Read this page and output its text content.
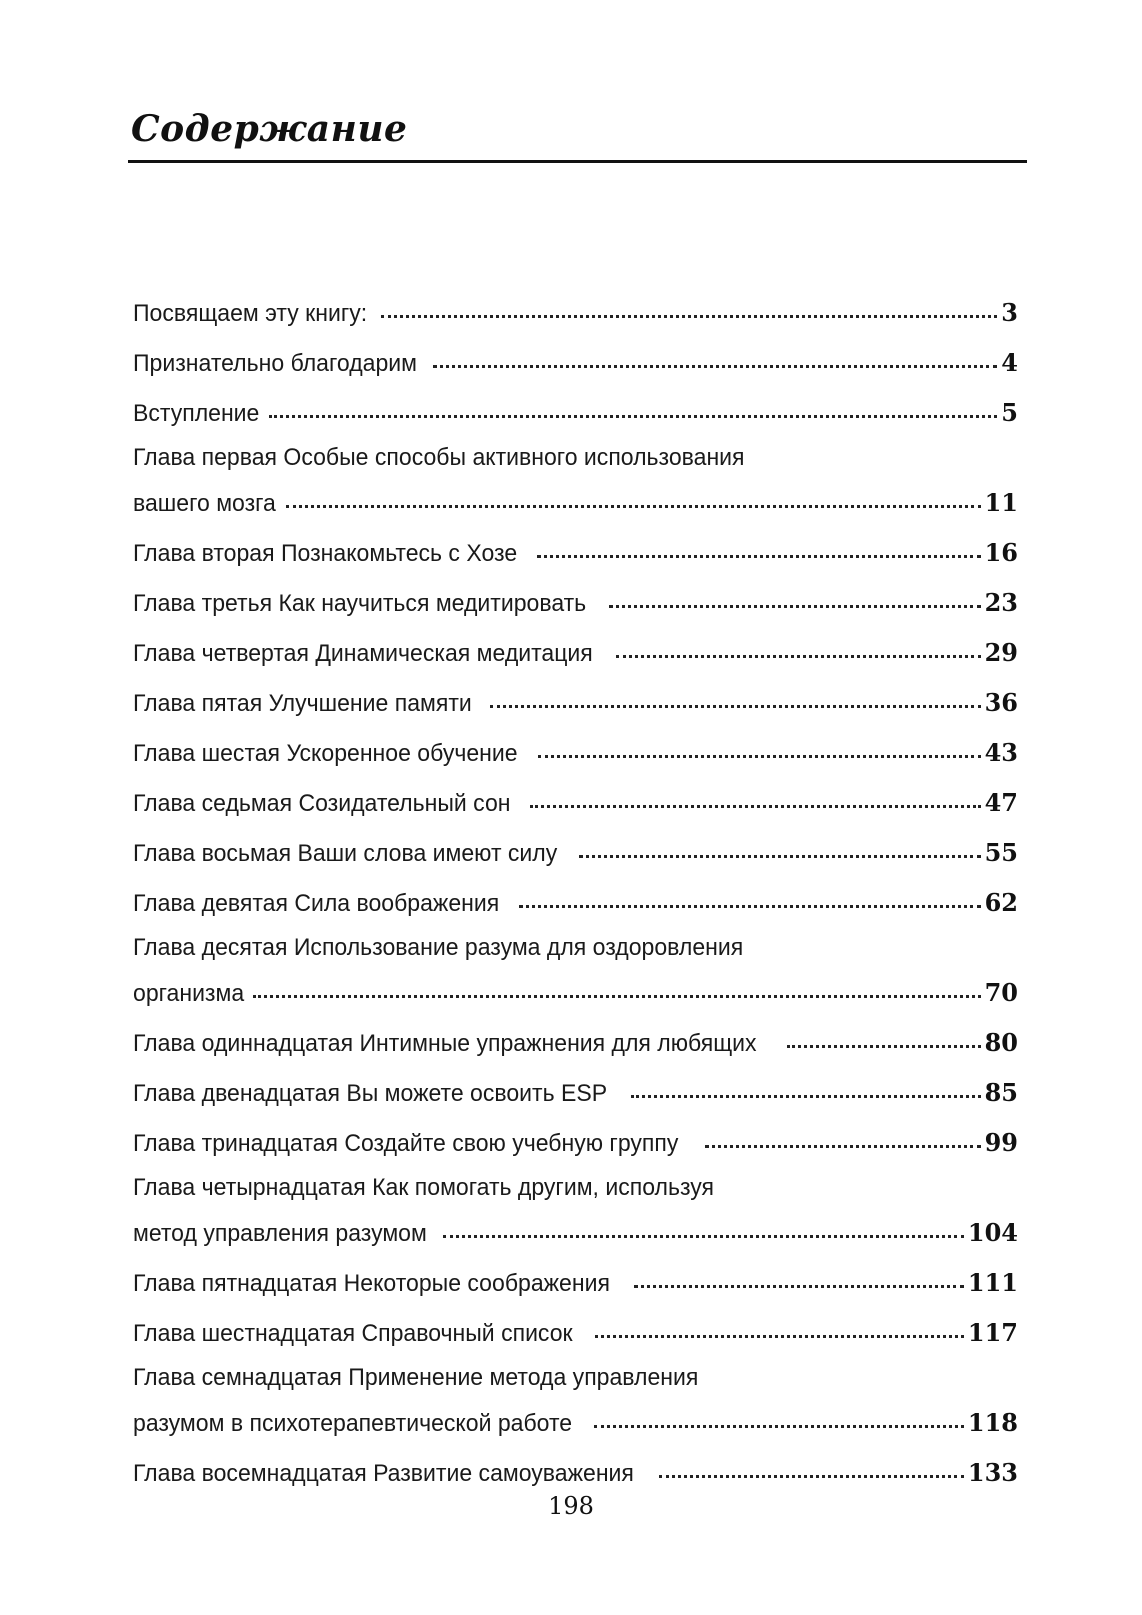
Содержание
Посвящаем эту книгу:	3
Признательно благодарим	4
Вступление	5
Глава первая Особые способы активного использования
вашего мозга	11
Глава вторая Познакомьтесь с Хозе	16
Глава третья Как научиться медитировать	23
Глава четвертая Динамическая медитация	29
Глава пятая Улучшение памяти	36
Глава шестая Ускоренное обучение	43
Глава седьмая Созидательный сон	47
Глава восьмая Ваши слова имеют силу	55
Глава девятая Сила воображения	62
Глава десятая Использование разума для оздоровления
организма	70
Глава одиннадцатая Интимные упражнения для любящих	80
Глава двенадцатая Вы можете освоить ESP	85
Глава тринадцатая Создайте свою учебную группу	99
Глава четырнадцатая Как помогать другим, используя
метод управления разумом	104
Глава пятнадцатая Некоторые соображения	111
Глава шестнадцатая Справочный список	117
Глава семнадцатая Применение метода управления
разумом в психотерапевтической работе	118
Глава восемнадцатая Развитие самоуважения	133
198
